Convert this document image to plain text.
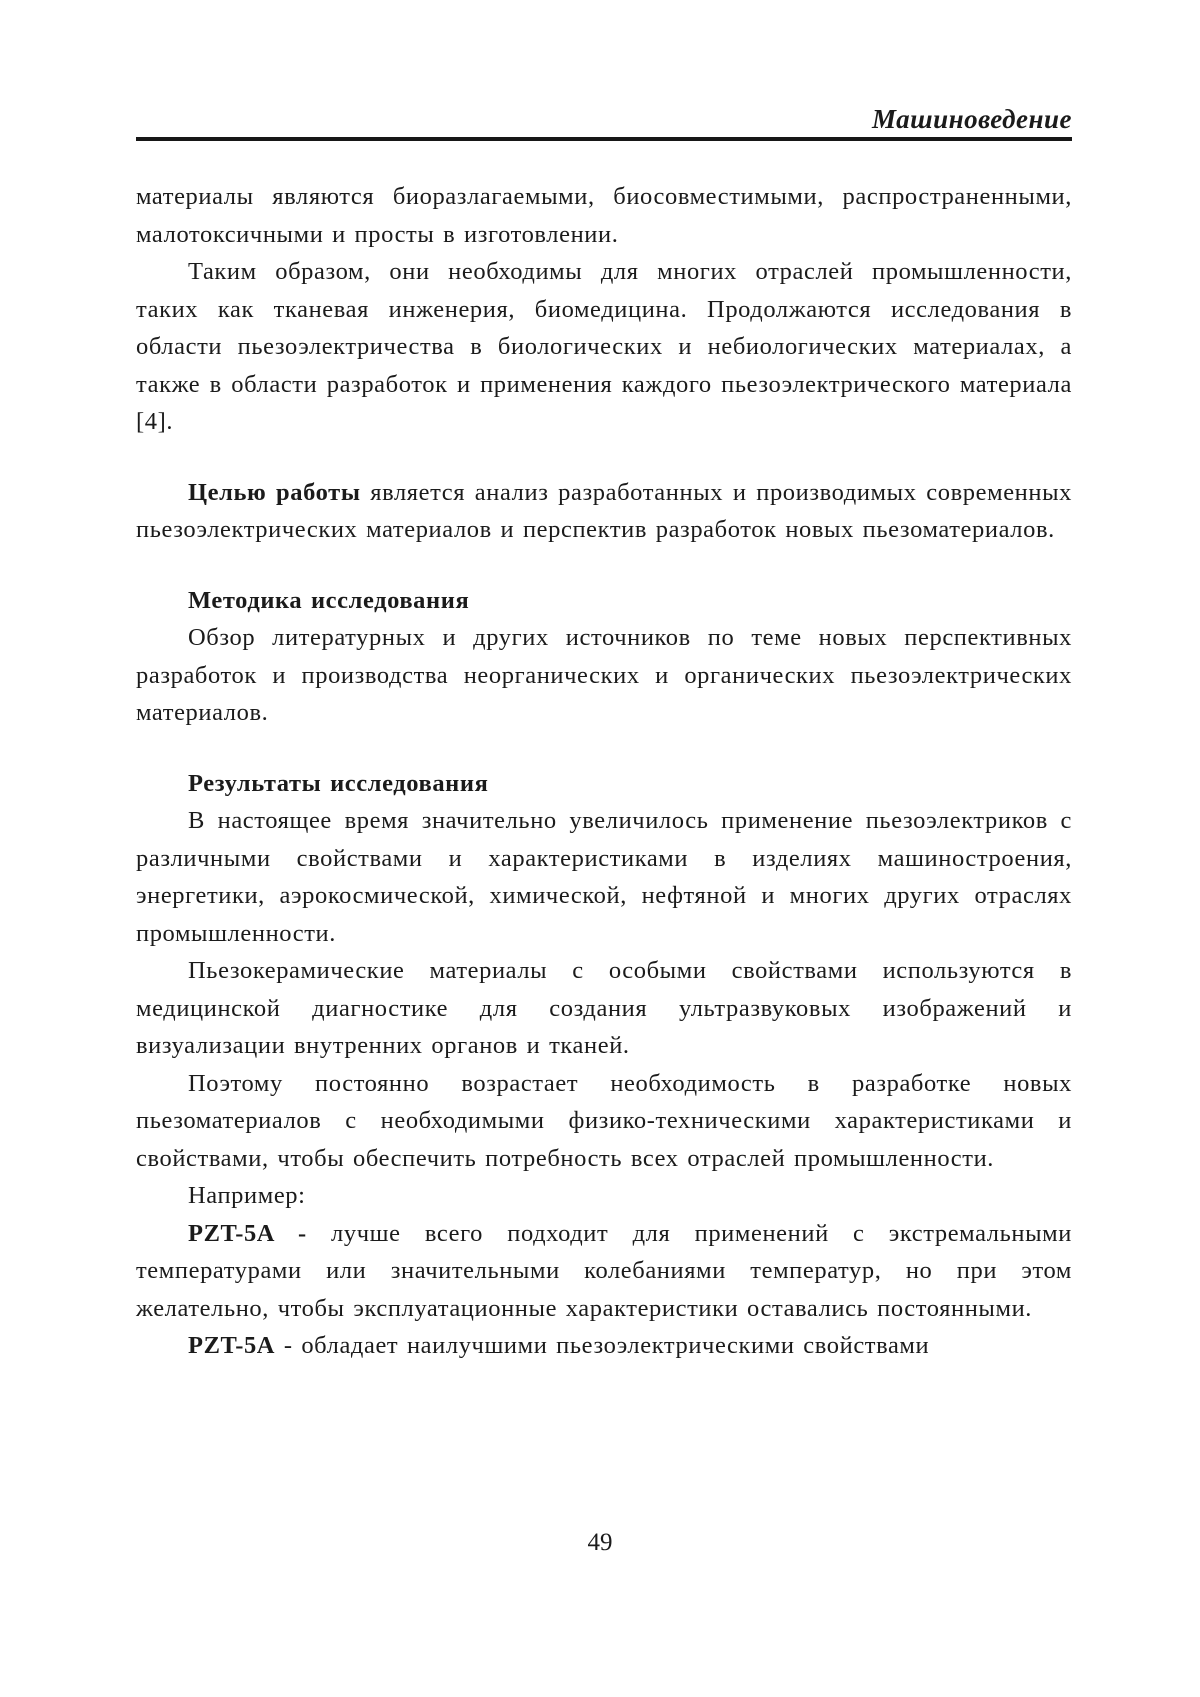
Машиноведение

материалы являются биоразлагаемыми, биосовместимыми, распространенными, малотоксичными и просты в изготовлении.

Таким образом, они необходимы для многих отраслей промышленности, таких как тканевая инженерия, биомедицина. Продолжаются исследования в области пьезоэлектричества в биологических и небиологических материалах, а также в области разработок и применения каждого пьезоэлектрического материала [4].

Целью работы является анализ разработанных и производимых современных пьезоэлектрических материалов и перспектив разработок новых пьезоматериалов.

Методика исследования

Обзор литературных и других источников по теме новых перспективных разработок и производства неорганических и органических пьезоэлектрических материалов.

Результаты исследования

В настоящее время значительно увеличилось применение пьезоэлектриков с различными свойствами и характеристиками в изделиях машиностроения, энергетики, аэрокосмической, химической, нефтяной и многих других отраслях промышленности.

Пьезокерамические материалы с особыми свойствами используются в медицинской диагностике для создания ультразвуковых изображений и визуализации внутренних органов и тканей.

Поэтому постоянно возрастает необходимость в разработке новых пьезоматериалов с необходимыми физико-техническими характеристиками и свойствами, чтобы обеспечить потребность всех отраслей промышленности.

Например:

PZT-5A - лучше всего подходит для применений с экстремальными температурами или значительными колебаниями температур, но при этом желательно, чтобы эксплуатационные характеристики оставались постоянными.

PZT-5A - обладает наилучшими пьезоэлектрическими свойствами

49
